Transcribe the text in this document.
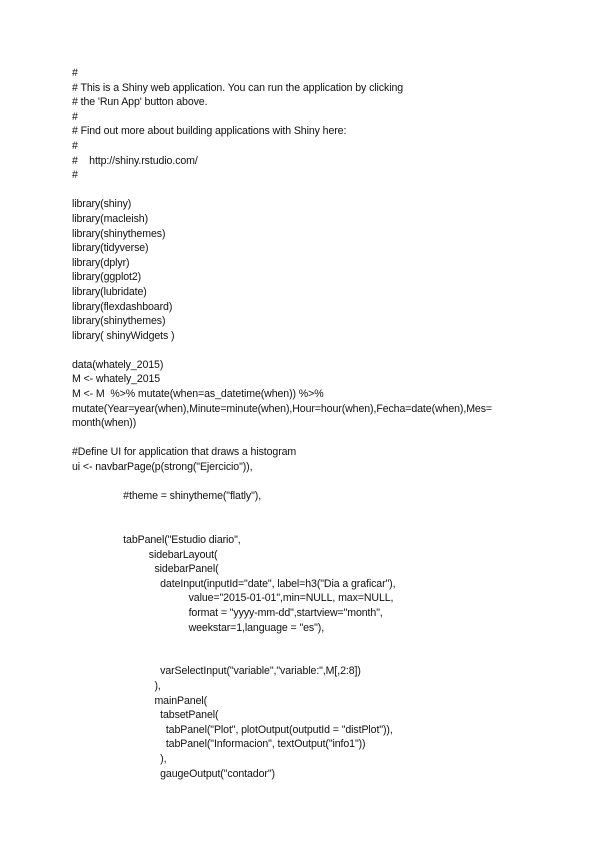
#
# This is a Shiny web application. You can run the application by clicking
# the 'Run App' button above.
#
# Find out more about building applications with Shiny here:
#
#    http://shiny.rstudio.com/
#
library(shiny)
library(macleish)
library(shinythemes)
library(tidyverse)
library(dplyr)
library(ggplot2)
library(lubridate)
library(flexdashboard)
library(shinythemes)
library( shinyWidgets )
data(whately_2015)
M <- whately_2015
M <- M  %>% mutate(when=as_datetime(when)) %>%
mutate(Year=year(when),Minute=minute(when),Hour=hour(when),Fecha=date(when),Mes=
month(when))
#Define UI for application that draws a histogram
ui <- navbarPage(p(strong("Ejercicio")),
#theme = shinytheme("flatly"),
tabPanel("Estudio diario",
sidebarLayout(
sidebarPanel(
dateInput(inputId="date", label=h3("Dia a graficar"),
value="2015-01-01",min=NULL, max=NULL,
format = "yyyy-mm-dd",startview="month",
weekstar=1,language = "es"),
varSelectInput("variable","variable:",M[,2:8])
),
mainPanel(
tabsetPanel(
tabPanel("Plot", plotOutput(outputId = "distPlot")),
tabPanel("Informacion", textOutput("info1"))
),
gaugeOutput("contador")
